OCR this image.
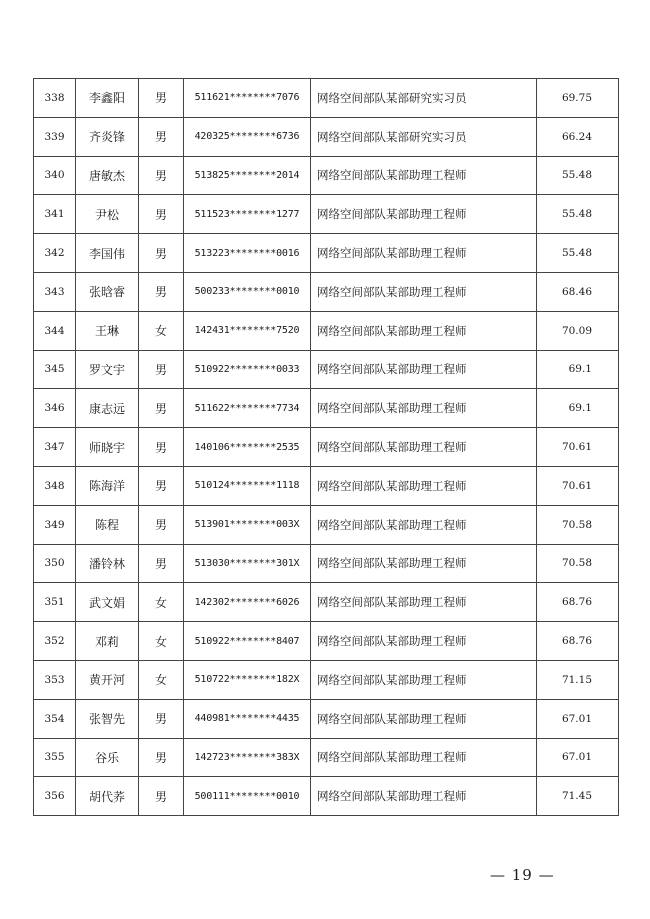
338	李鑫阳	男	511621********7076	网络空间部队某部研究实习员	69.75
339	齐炎锋	男	420325********6736	网络空间部队某部研究实习员	66.24
340	唐敏杰	男	513825********2014	网络空间部队某部助理工程师	55.48
341	尹松	男	511523********1277	网络空间部队某部助理工程师	55.48
342	李国伟	男	513223********0016	网络空间部队某部助理工程师	55.48
343	张晗睿	男	500233********0010	网络空间部队某部助理工程师	68.46
344	王琳	女	142431********7520	网络空间部队某部助理工程师	70.09
345	罗文宇	男	510922********0033	网络空间部队某部助理工程师	69.1
346	康志远	男	511622********7734	网络空间部队某部助理工程师	69.1
347	师晓宇	男	140106********2535	网络空间部队某部助理工程师	70.61
348	陈海洋	男	510124********1118	网络空间部队某部助理工程师	70.61
349	陈程	男	513901********003X	网络空间部队某部助理工程师	70.58
350	潘铃林	男	513030********301X	网络空间部队某部助理工程师	70.58
351	武文娟	女	142302********6026	网络空间部队某部助理工程师	68.76
352	邓莉	女	510922********8407	网络空间部队某部助理工程师	68.76
353	黄开河	女	510722********182X	网络空间部队某部助理工程师	71.15
354	张智先	男	440981********4435	网络空间部队某部助理工程师	67.01
355	谷乐	男	142723********383X	网络空间部队某部助理工程师	67.01
356	胡代荞	男	500111********0010	网络空间部队某部助理工程师	71.45
— 19 —
